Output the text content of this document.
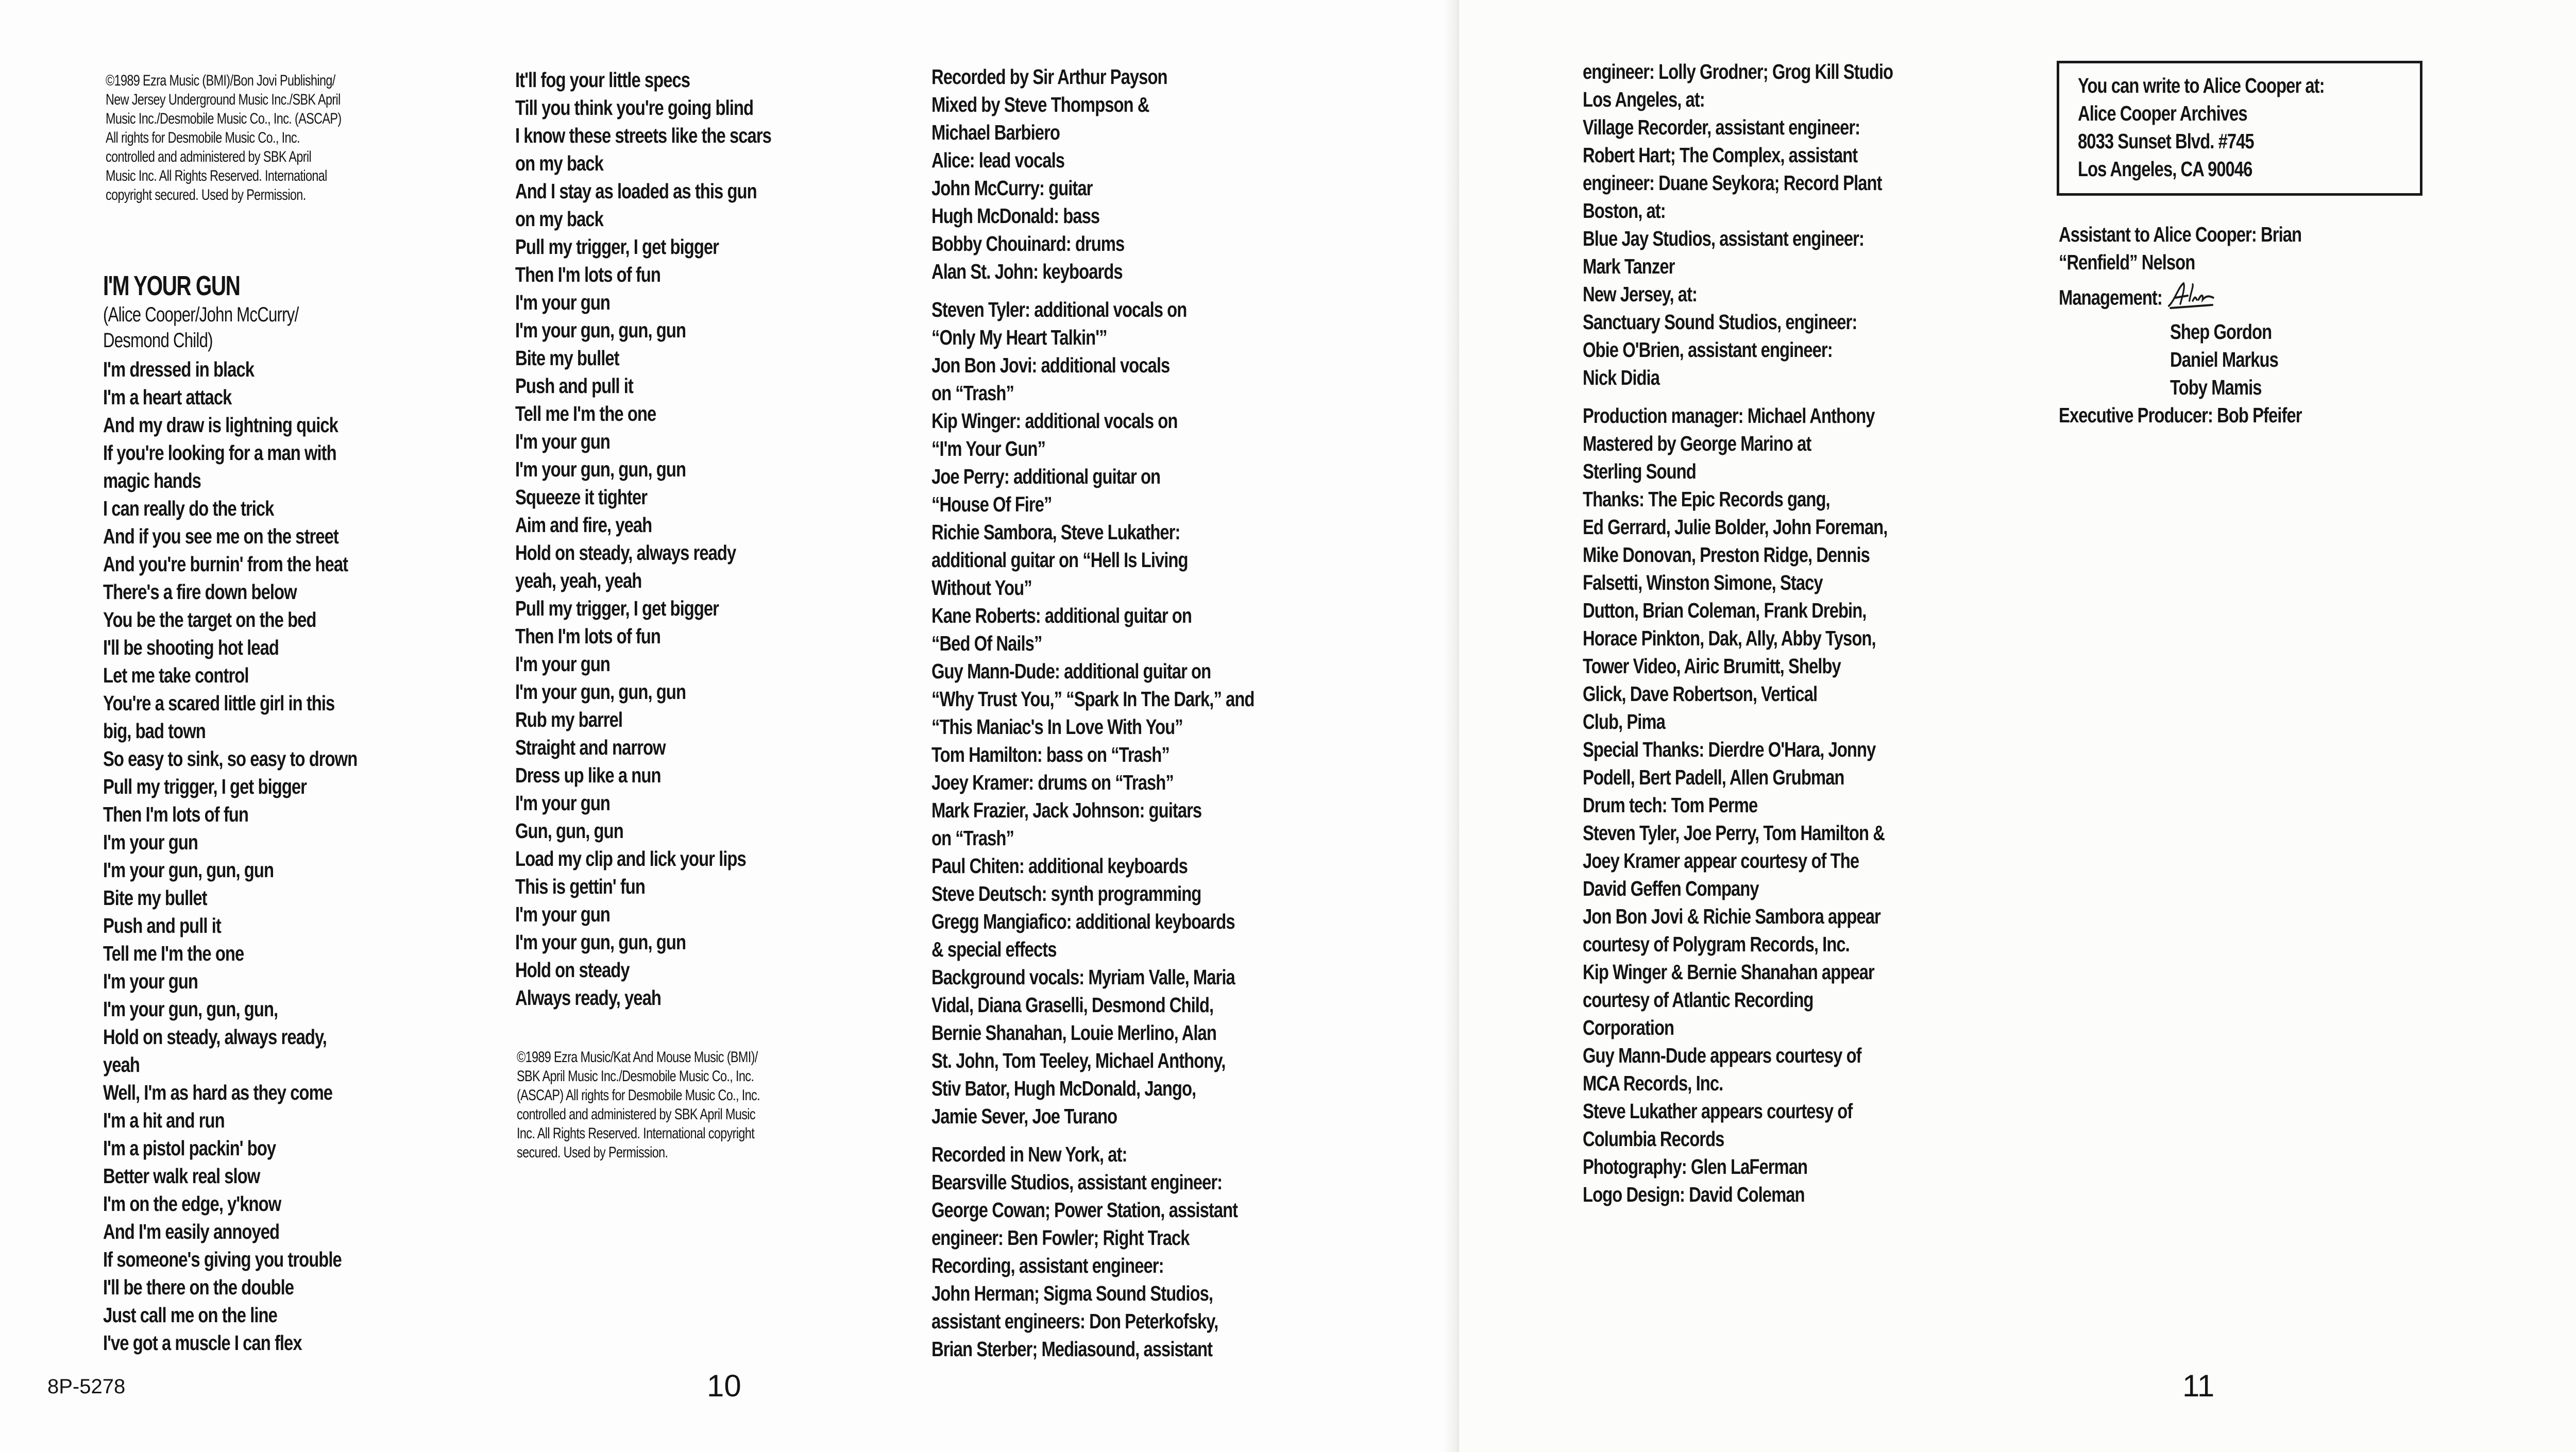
©1989 Ezra Music (BMI)/Bon Jovi Publishing/
New Jersey Underground Music Inc./SBK April
Music Inc./Desmobile Music Co., Inc. (ASCAP)
All rights for Desmobile Music Co., Inc.
controlled and administered by SBK April
Music Inc. All Rights Reserved. International
copyright secured. Used by Permission.
I'M YOUR GUN
(Alice Cooper/John McCurry/
Desmond Child)
I'm dressed in black
I'm a heart attack
And my draw is lightning quick
If you're looking for a man with
magic hands
I can really do the trick
And if you see me on the street
And you're burnin' from the heat
There's a fire down below
You be the target on the bed
I'll be shooting hot lead
Let me take control
You're a scared little girl in this
big, bad town
So easy to sink, so easy to drown
Pull my trigger, I get bigger
Then I'm lots of fun
I'm your gun
I'm your gun, gun, gun
Bite my bullet
Push and pull it
Tell me I'm the one
I'm your gun
I'm your gun, gun, gun,
Hold on steady, always ready,
yeah
Well, I'm as hard as they come
I'm a hit and run
I'm a pistol packin' boy
Better walk real slow
I'm on the edge, y'know
And I'm easily annoyed
If someone's giving you trouble
I'll be there on the double
Just call me on the line
I've got a muscle I can flex
It'll fog your little specs
Till you think you're going blind
I know these streets like the scars
on my back
And I stay as loaded as this gun
on my back
Pull my trigger, I get bigger
Then I'm lots of fun
I'm your gun
I'm your gun, gun, gun
Bite my bullet
Push and pull it
Tell me I'm the one
I'm your gun
I'm your gun, gun, gun
Squeeze it tighter
Aim and fire, yeah
Hold on steady, always ready
yeah, yeah, yeah
Pull my trigger, I get bigger
Then I'm lots of fun
I'm your gun
I'm your gun, gun, gun
Rub my barrel
Straight and narrow
Dress up like a nun
I'm your gun
Gun, gun, gun
Load my clip and lick your lips
This is gettin' fun
I'm your gun
I'm your gun, gun, gun
Hold on steady
Always ready, yeah
©1989 Ezra Music/Kat And Mouse Music (BMI)/
SBK April Music Inc./Desmobile Music Co., Inc.
(ASCAP) All rights for Desmobile Music Co., Inc.
controlled and administered by SBK April Music
Inc. All Rights Reserved. International copyright
secured. Used by Permission.
Recorded by Sir Arthur Payson
Mixed by Steve Thompson &
Michael Barbiero
Alice: lead vocals
John McCurry: guitar
Hugh McDonald: bass
Bobby Chouinard: drums
Alan St. John: keyboards
Steven Tyler: additional vocals on
“Only My Heart Talkin'”
Jon Bon Jovi: additional vocals
on “Trash”
Kip Winger: additional vocals on
“I'm Your Gun”
Joe Perry: additional guitar on
“House Of Fire”
Richie Sambora, Steve Lukather:
additional guitar on “Hell Is Living
Without You”
Kane Roberts: additional guitar on
“Bed Of Nails”
Guy Mann-Dude: additional guitar on
“Why Trust You,” “Spark In The Dark,” and
“This Maniac's In Love With You”
Tom Hamilton: bass on “Trash”
Joey Kramer: drums on “Trash”
Mark Frazier, Jack Johnson: guitars
on “Trash”
Paul Chiten: additional keyboards
Steve Deutsch: synth programming
Gregg Mangiafico: additional keyboards
& special effects
Background vocals: Myriam Valle, Maria
Vidal, Diana Graselli, Desmond Child,
Bernie Shanahan, Louie Merlino, Alan
St. John, Tom Teeley, Michael Anthony,
Stiv Bator, Hugh McDonald, Jango,
Jamie Sever, Joe Turano
Recorded in New York, at:
Bearsville Studios, assistant engineer:
George Cowan; Power Station, assistant
engineer: Ben Fowler; Right Track
Recording, assistant engineer:
John Herman; Sigma Sound Studios,
assistant engineers: Don Peterkofsky,
Brian Sterber; Mediasound, assistant
8P-5278	10
engineer: Lolly Grodner; Grog Kill Studio
Los Angeles, at:
Village Recorder, assistant engineer:
Robert Hart; The Complex, assistant
engineer: Duane Seykora; Record Plant
Boston, at:
Blue Jay Studios, assistant engineer:
Mark Tanzer
New Jersey, at:
Sanctuary Sound Studios, engineer:
Obie O'Brien, assistant engineer:
Nick Didia
Production manager: Michael Anthony
Mastered by George Marino at
Sterling Sound
Thanks: The Epic Records gang,
Ed Gerrard, Julie Bolder, John Foreman,
Mike Donovan, Preston Ridge, Dennis
Falsetti, Winston Simone, Stacy
Dutton, Brian Coleman, Frank Drebin,
Horace Pinkton, Dak, Ally, Abby Tyson,
Tower Video, Airic Brumitt, Shelby
Glick, Dave Robertson, Vertical
Club, Pima
Special Thanks: Dierdre O'Hara, Jonny
Podell, Bert Padell, Allen Grubman
Drum tech: Tom Perme
Steven Tyler, Joe Perry, Tom Hamilton &
Joey Kramer appear courtesy of The
David Geffen Company
Jon Bon Jovi & Richie Sambora appear
courtesy of Polygram Records, Inc.
Kip Winger & Bernie Shanahan appear
courtesy of Atlantic Recording
Corporation
Guy Mann-Dude appears courtesy of
MCA Records, Inc.
Steve Lukather appears courtesy of
Columbia Records
Photography: Glen LaFerman
Logo Design: David Coleman
You can write to Alice Cooper at:
Alice Cooper Archives
8033 Sunset Blvd. #745
Los Angeles, CA 90046
Assistant to Alice Cooper: Brian
“Renfield” Nelson
Management:
Shep Gordon
Daniel Markus
Toby Mamis
Executive Producer: Bob Pfeifer
11
